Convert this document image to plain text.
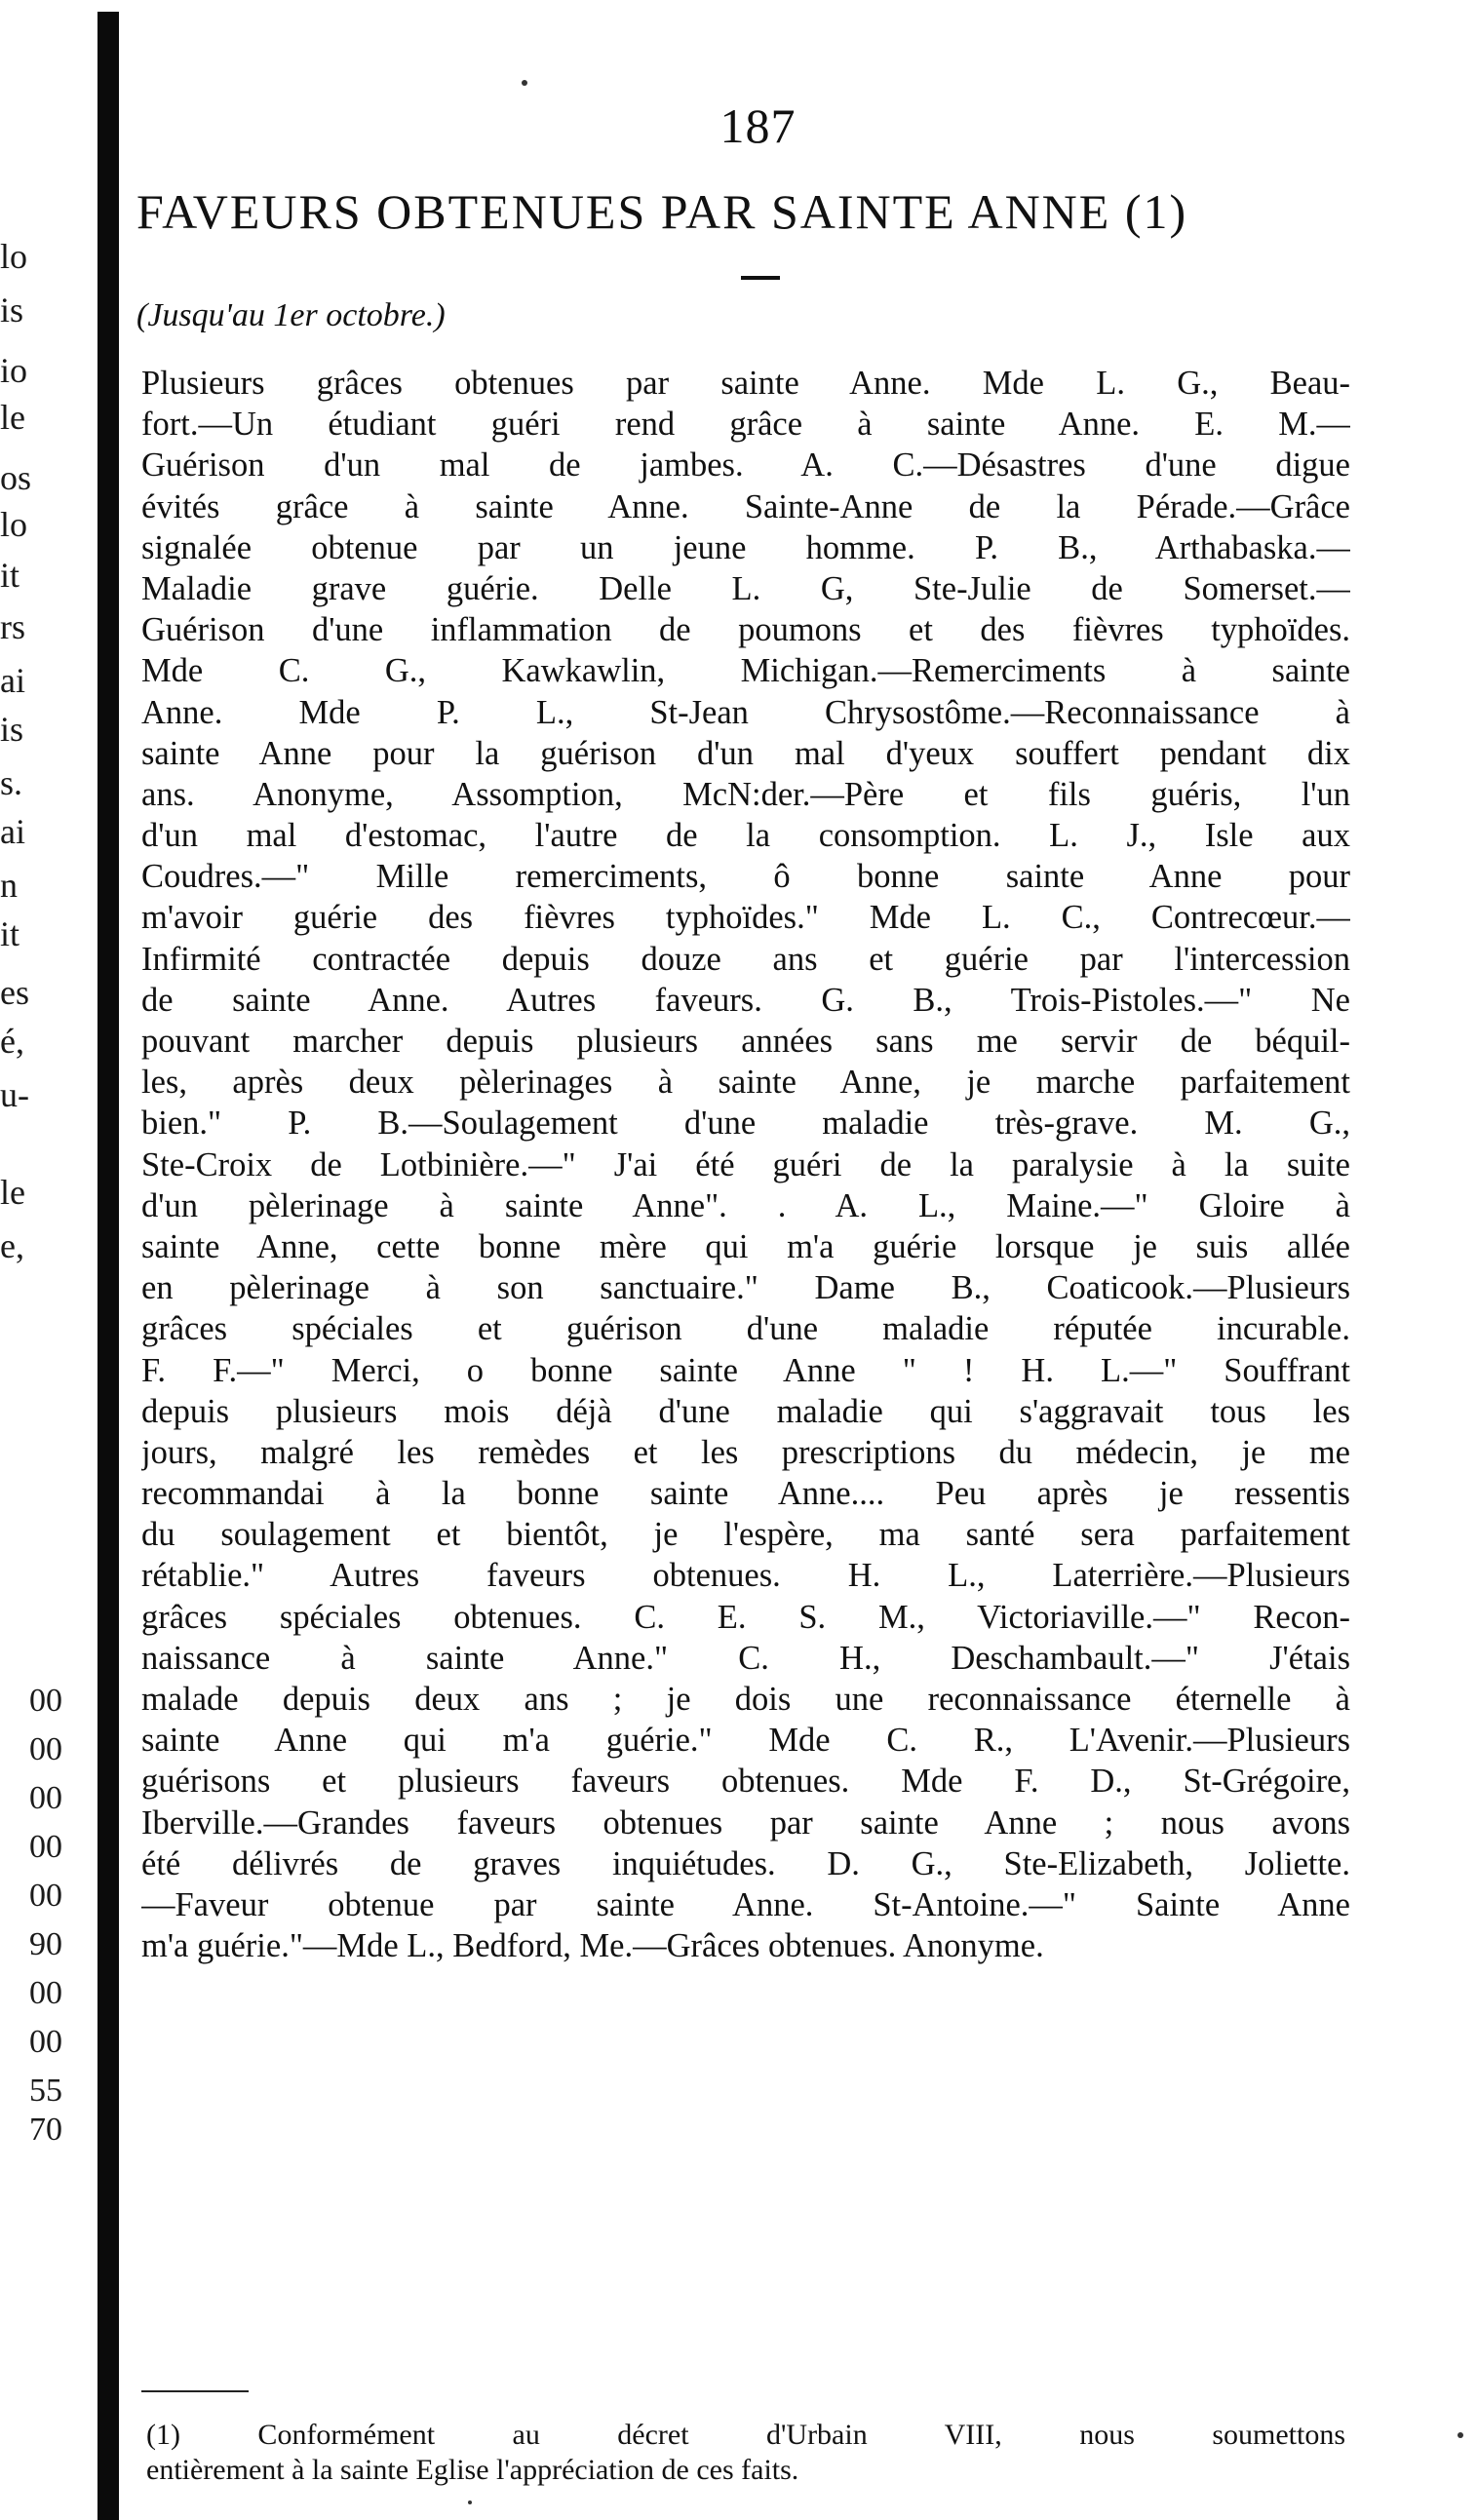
lo
is
io
le
os
lo
it
rs
ai
is
s.
ai
n
it
es
é,
u-
le
e,
00
00
00
00
00
90
00
00
55
70
187
FAVEURS OBTENUES PAR SAINTE ANNE (1)
(Jusqu'au 1er octobre.)
Plusieurs grâces obtenues par sainte Anne. Mde L. G., Beau-
fort.—Un étudiant guéri rend grâce à sainte Anne. E. M.—
Guérison d'un mal de jambes. A. C.—Désastres d'une digue
évités grâce à sainte Anne. Sainte-Anne de la Pérade.—Grâce
signalée obtenue par un jeune homme. P. B., Arthabaska.—
Maladie grave guérie. Delle L. G, Ste-Julie de Somerset.—
Guérison d'une inflammation de poumons et des fièvres typhoïdes.
Mde C. G., Kawkawlin, Michigan.—Remerciments à sainte
Anne. Mde P. L., St-Jean Chrysostôme.—Reconnaissance à
sainte Anne pour la guérison d'un mal d'yeux souffert pendant dix
ans. Anonyme, Assomption, McN:der.—Père et fils guéris, l'un
d'un mal d'estomac, l'autre de la consomption. L. J., Isle aux
Coudres.—" Mille remerciments, ô bonne sainte Anne pour
m'avoir guérie des fièvres typhoïdes." Mde L. C., Contrecœur.—
Infirmité contractée depuis douze ans et guérie par l'intercession
de sainte Anne. Autres faveurs. G. B., Trois-Pistoles.—" Ne
pouvant marcher depuis plusieurs années sans me servir de béquil-
les, après deux pèlerinages à sainte Anne, je marche parfaitement
bien." P. B.—Soulagement d'une maladie très-grave. M. G.,
Ste-Croix de Lotbinière.—" J'ai été guéri de la paralysie à la suite
d'un pèlerinage à sainte Anne". . A. L., Maine.—" Gloire à
sainte Anne, cette bonne mère qui m'a guérie lorsque je suis allée
en pèlerinage à son sanctuaire." Dame B., Coaticook.—Plusieurs
grâces spéciales et guérison d'une maladie réputée incurable.
F. F.—" Merci, o bonne sainte Anne " ! H. L.—" Souffrant
depuis plusieurs mois déjà d'une maladie qui s'aggravait tous les
jours, malgré les remèdes et les prescriptions du médecin, je me
recommandai à la bonne sainte Anne.... Peu après je ressentis
du soulagement et bientôt, je l'espère, ma santé sera parfaitement
rétablie." Autres faveurs obtenues. H. L., Laterrière.—Plusieurs
grâces spéciales obtenues. C. E. S. M., Victoriaville.—" Recon-
naissance à sainte Anne." C. H., Deschambault.—" J'étais
malade depuis deux ans ; je dois une reconnaissance éternelle à
sainte Anne qui m'a guérie." Mde C. R., L'Avenir.—Plusieurs
guérisons et plusieurs faveurs obtenues. Mde F. D., St-Grégoire,
Iberville.—Grandes faveurs obtenues par sainte Anne ; nous avons
été délivrés de graves inquiétudes. D. G., Ste-Elizabeth, Joliette.
—Faveur obtenue par sainte Anne. St-Antoine.—" Sainte Anne
m'a guérie."—Mde L., Bedford, Me.—Grâces obtenues. Anonyme.
(1) Conformément au décret d'Urbain VIII, nous soumettons
entièrement à la sainte Eglise l'appréciation de ces faits.
